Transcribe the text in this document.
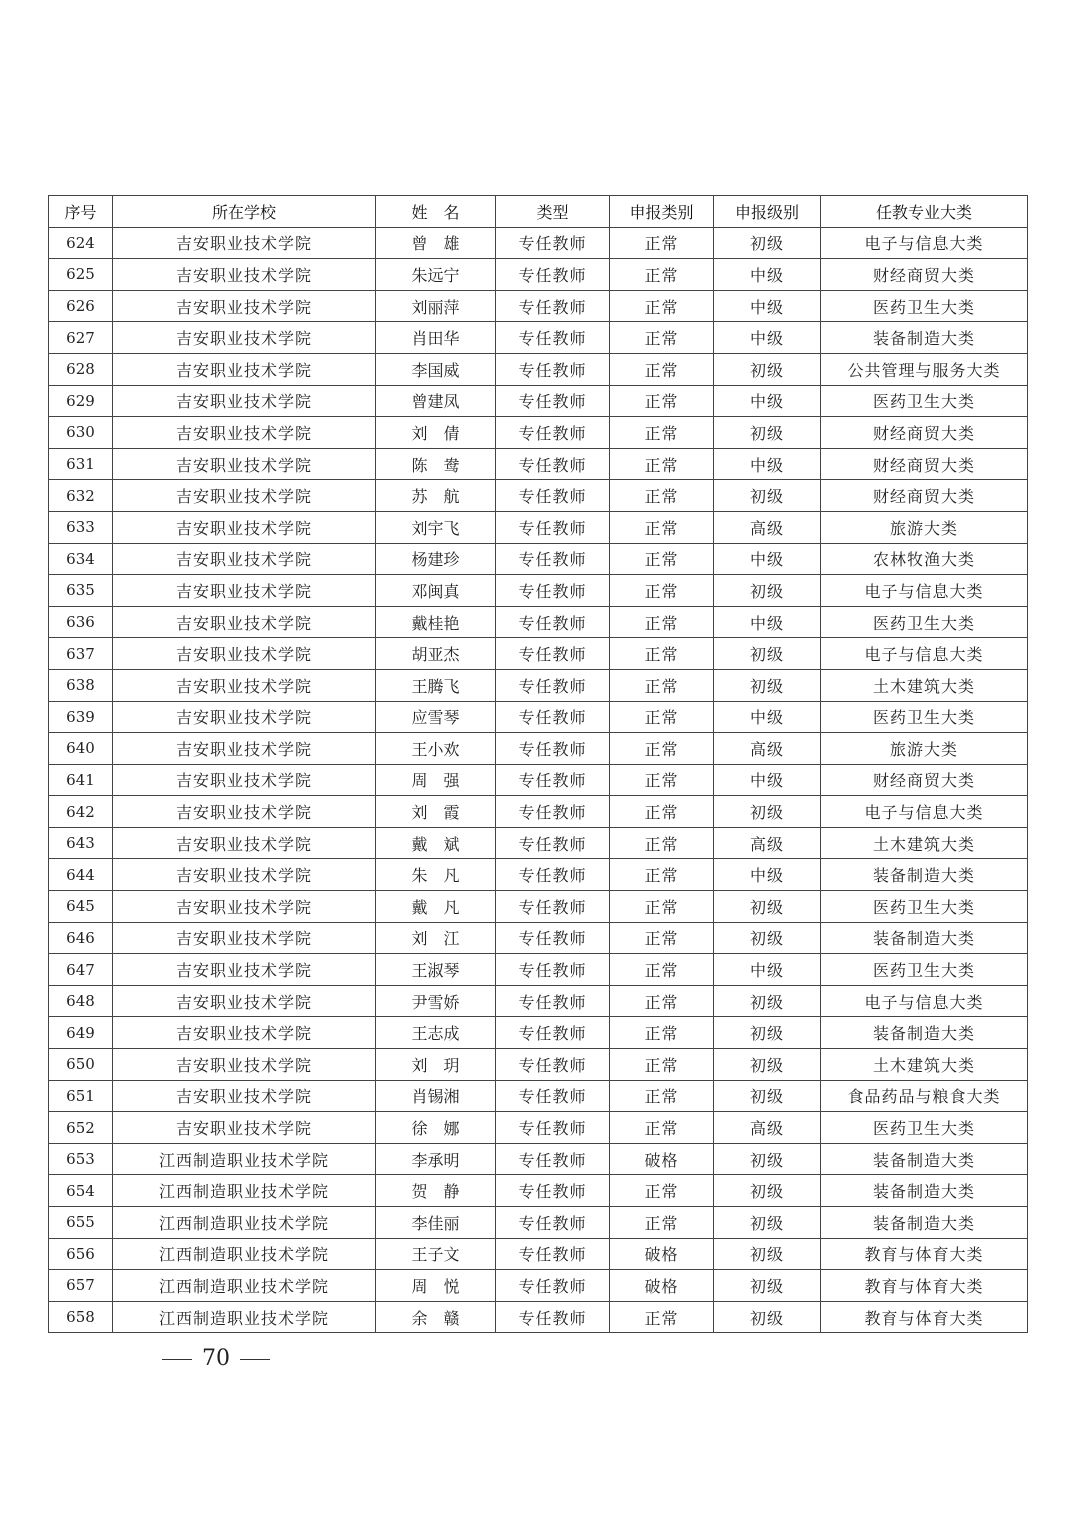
序号	所在学校	姓　名	类型	申报类别	申报级别	任教专业大类
624	吉安职业技术学院	曾　雄	专任教师	正常	初级	电子与信息大类
625	吉安职业技术学院	朱远宁	专任教师	正常	中级	财经商贸大类
626	吉安职业技术学院	刘丽萍	专任教师	正常	中级	医药卫生大类
627	吉安职业技术学院	肖田华	专任教师	正常	中级	装备制造大类
628	吉安职业技术学院	李国威	专任教师	正常	初级	公共管理与服务大类
629	吉安职业技术学院	曾建凤	专任教师	正常	中级	医药卫生大类
630	吉安职业技术学院	刘　倩	专任教师	正常	初级	财经商贸大类
631	吉安职业技术学院	陈　鸯	专任教师	正常	中级	财经商贸大类
632	吉安职业技术学院	苏　航	专任教师	正常	初级	财经商贸大类
633	吉安职业技术学院	刘宇飞	专任教师	正常	高级	旅游大类
634	吉安职业技术学院	杨建珍	专任教师	正常	中级	农林牧渔大类
635	吉安职业技术学院	邓闽真	专任教师	正常	初级	电子与信息大类
636	吉安职业技术学院	戴桂艳	专任教师	正常	中级	医药卫生大类
637	吉安职业技术学院	胡亚杰	专任教师	正常	初级	电子与信息大类
638	吉安职业技术学院	王腾飞	专任教师	正常	初级	土木建筑大类
639	吉安职业技术学院	应雪琴	专任教师	正常	中级	医药卫生大类
640	吉安职业技术学院	王小欢	专任教师	正常	高级	旅游大类
641	吉安职业技术学院	周　强	专任教师	正常	中级	财经商贸大类
642	吉安职业技术学院	刘　霞	专任教师	正常	初级	电子与信息大类
643	吉安职业技术学院	戴　斌	专任教师	正常	高级	土木建筑大类
644	吉安职业技术学院	朱　凡	专任教师	正常	中级	装备制造大类
645	吉安职业技术学院	戴　凡	专任教师	正常	初级	医药卫生大类
646	吉安职业技术学院	刘　江	专任教师	正常	初级	装备制造大类
647	吉安职业技术学院	王淑琴	专任教师	正常	中级	医药卫生大类
648	吉安职业技术学院	尹雪娇	专任教师	正常	初级	电子与信息大类
649	吉安职业技术学院	王志成	专任教师	正常	初级	装备制造大类
650	吉安职业技术学院	刘　玥	专任教师	正常	初级	土木建筑大类
651	吉安职业技术学院	肖锡湘	专任教师	正常	初级	食品药品与粮食大类
652	吉安职业技术学院	徐　娜	专任教师	正常	高级	医药卫生大类
653	江西制造职业技术学院	李承明	专任教师	破格	初级	装备制造大类
654	江西制造职业技术学院	贺　静	专任教师	正常	初级	装备制造大类
655	江西制造职业技术学院	李佳丽	专任教师	正常	初级	装备制造大类
656	江西制造职业技术学院	王子文	专任教师	破格	初级	教育与体育大类
657	江西制造职业技术学院	周　悦	专任教师	破格	初级	教育与体育大类
658	江西制造职业技术学院	余　赣	专任教师	正常	初级	教育与体育大类
70
